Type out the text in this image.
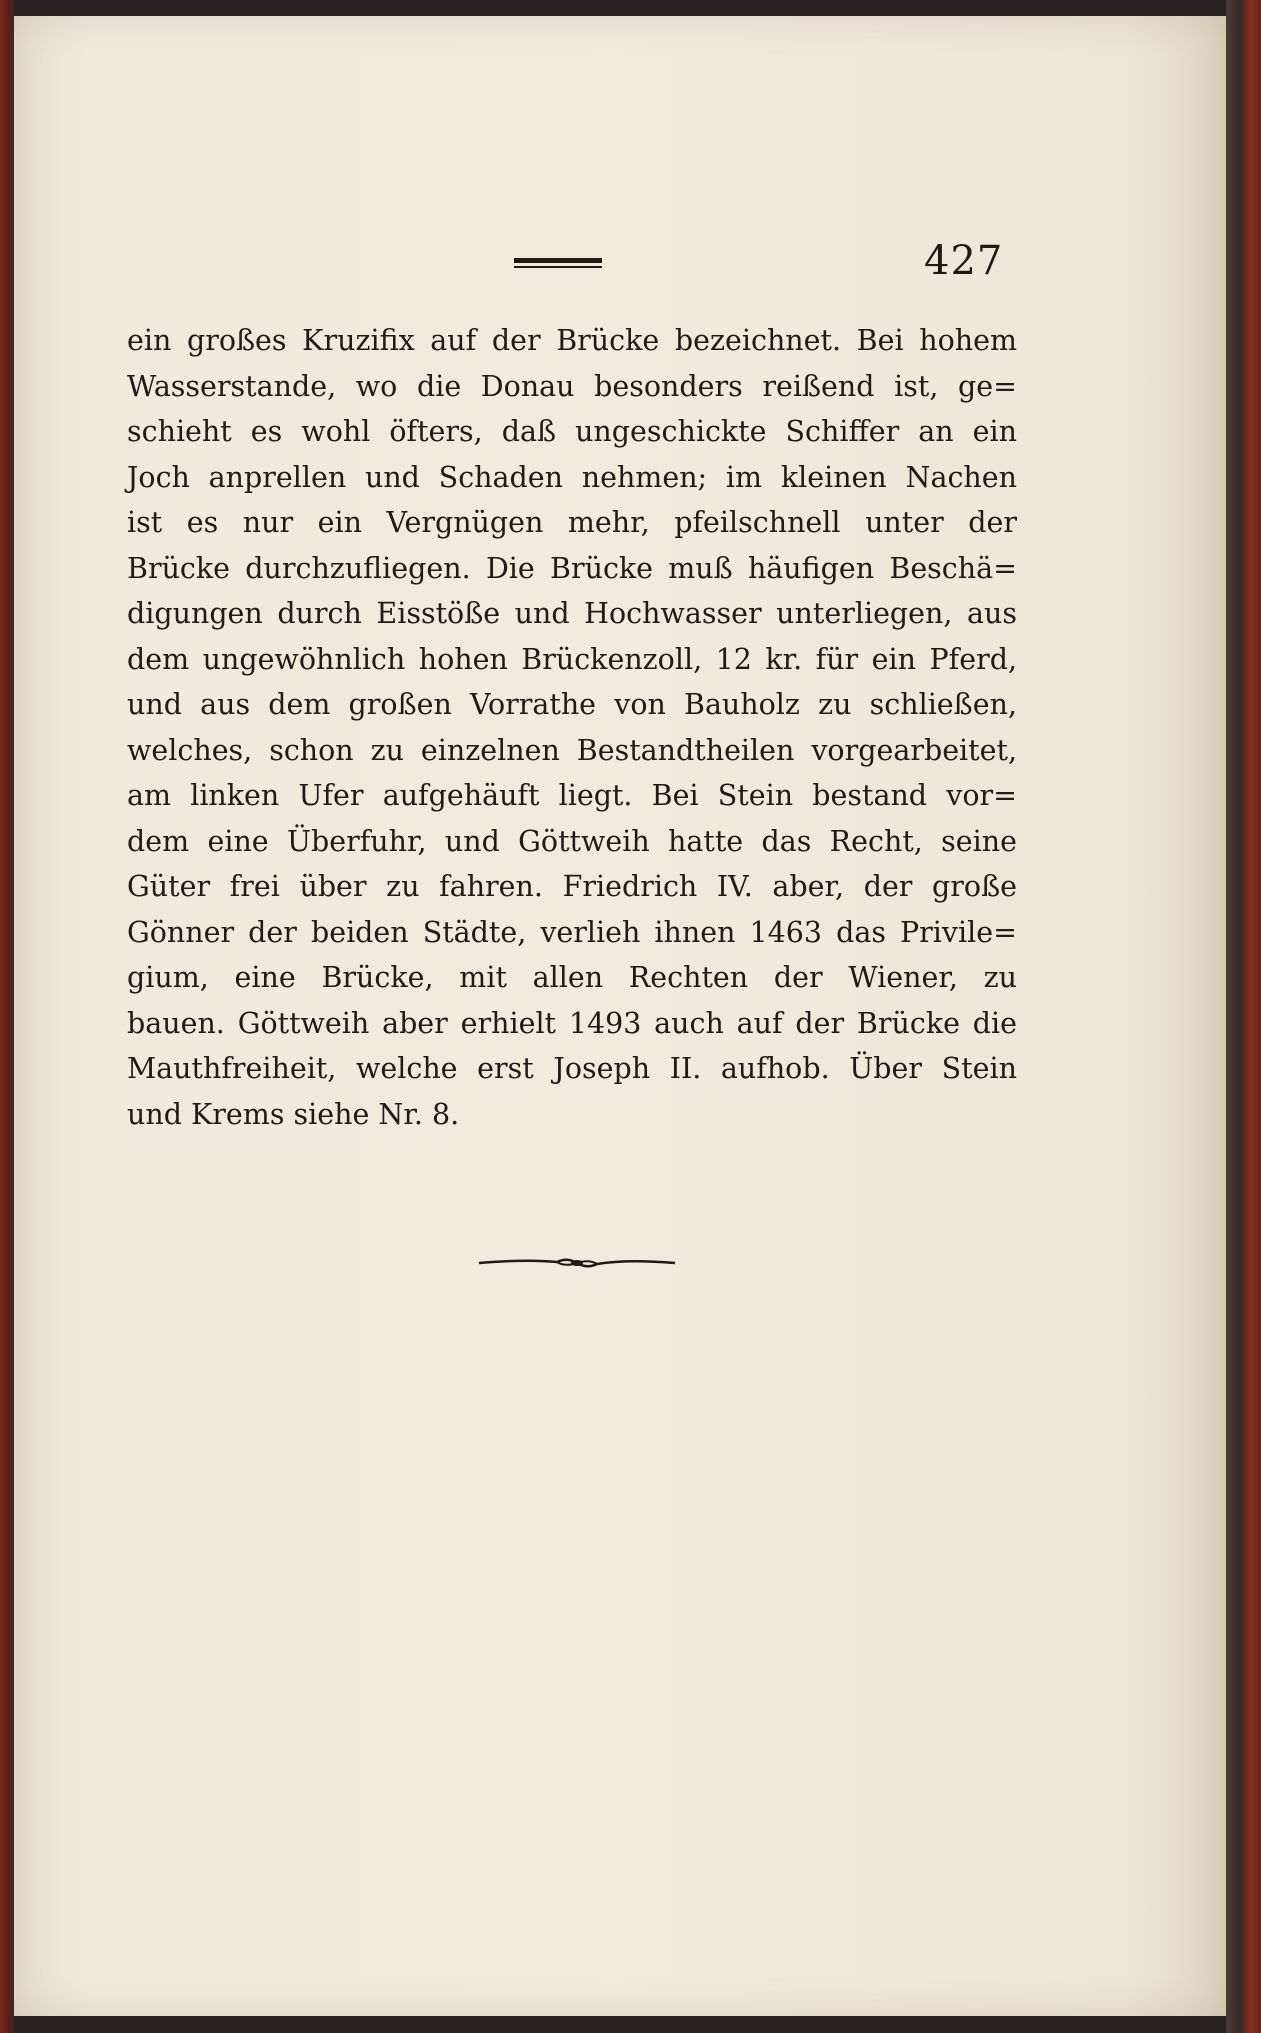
427
ein großes Kruzifix auf der Brücke bezeichnet. Bei hohem
Wasserstande, wo die Donau besonders reißend ist, ge=
schieht es wohl öfters, daß ungeschickte Schiffer an ein
Joch anprellen und Schaden nehmen; im kleinen Nachen
ist es nur ein Vergnügen mehr, pfeilschnell unter der
Brücke durchzufliegen. Die Brücke muß häufigen Beschä=
digungen durch Eisstöße und Hochwasser unterliegen, aus
dem ungewöhnlich hohen Brückenzoll, 12 kr. für ein Pferd,
und aus dem großen Vorrathe von Bauholz zu schließen,
welches, schon zu einzelnen Bestandtheilen vorgearbeitet,
am linken Ufer aufgehäuft liegt. Bei Stein bestand vor=
dem eine Überfuhr, und Göttweih hatte das Recht, seine
Güter frei über zu fahren. Friedrich IV. aber, der große
Gönner der beiden Städte, verlieh ihnen 1463 das Privile=
gium, eine Brücke, mit allen Rechten der Wiener, zu
bauen. Göttweih aber erhielt 1493 auch auf der Brücke die
Mauthfreiheit, welche erst Joseph II. aufhob. Über Stein
und Krems siehe Nr. 8.
